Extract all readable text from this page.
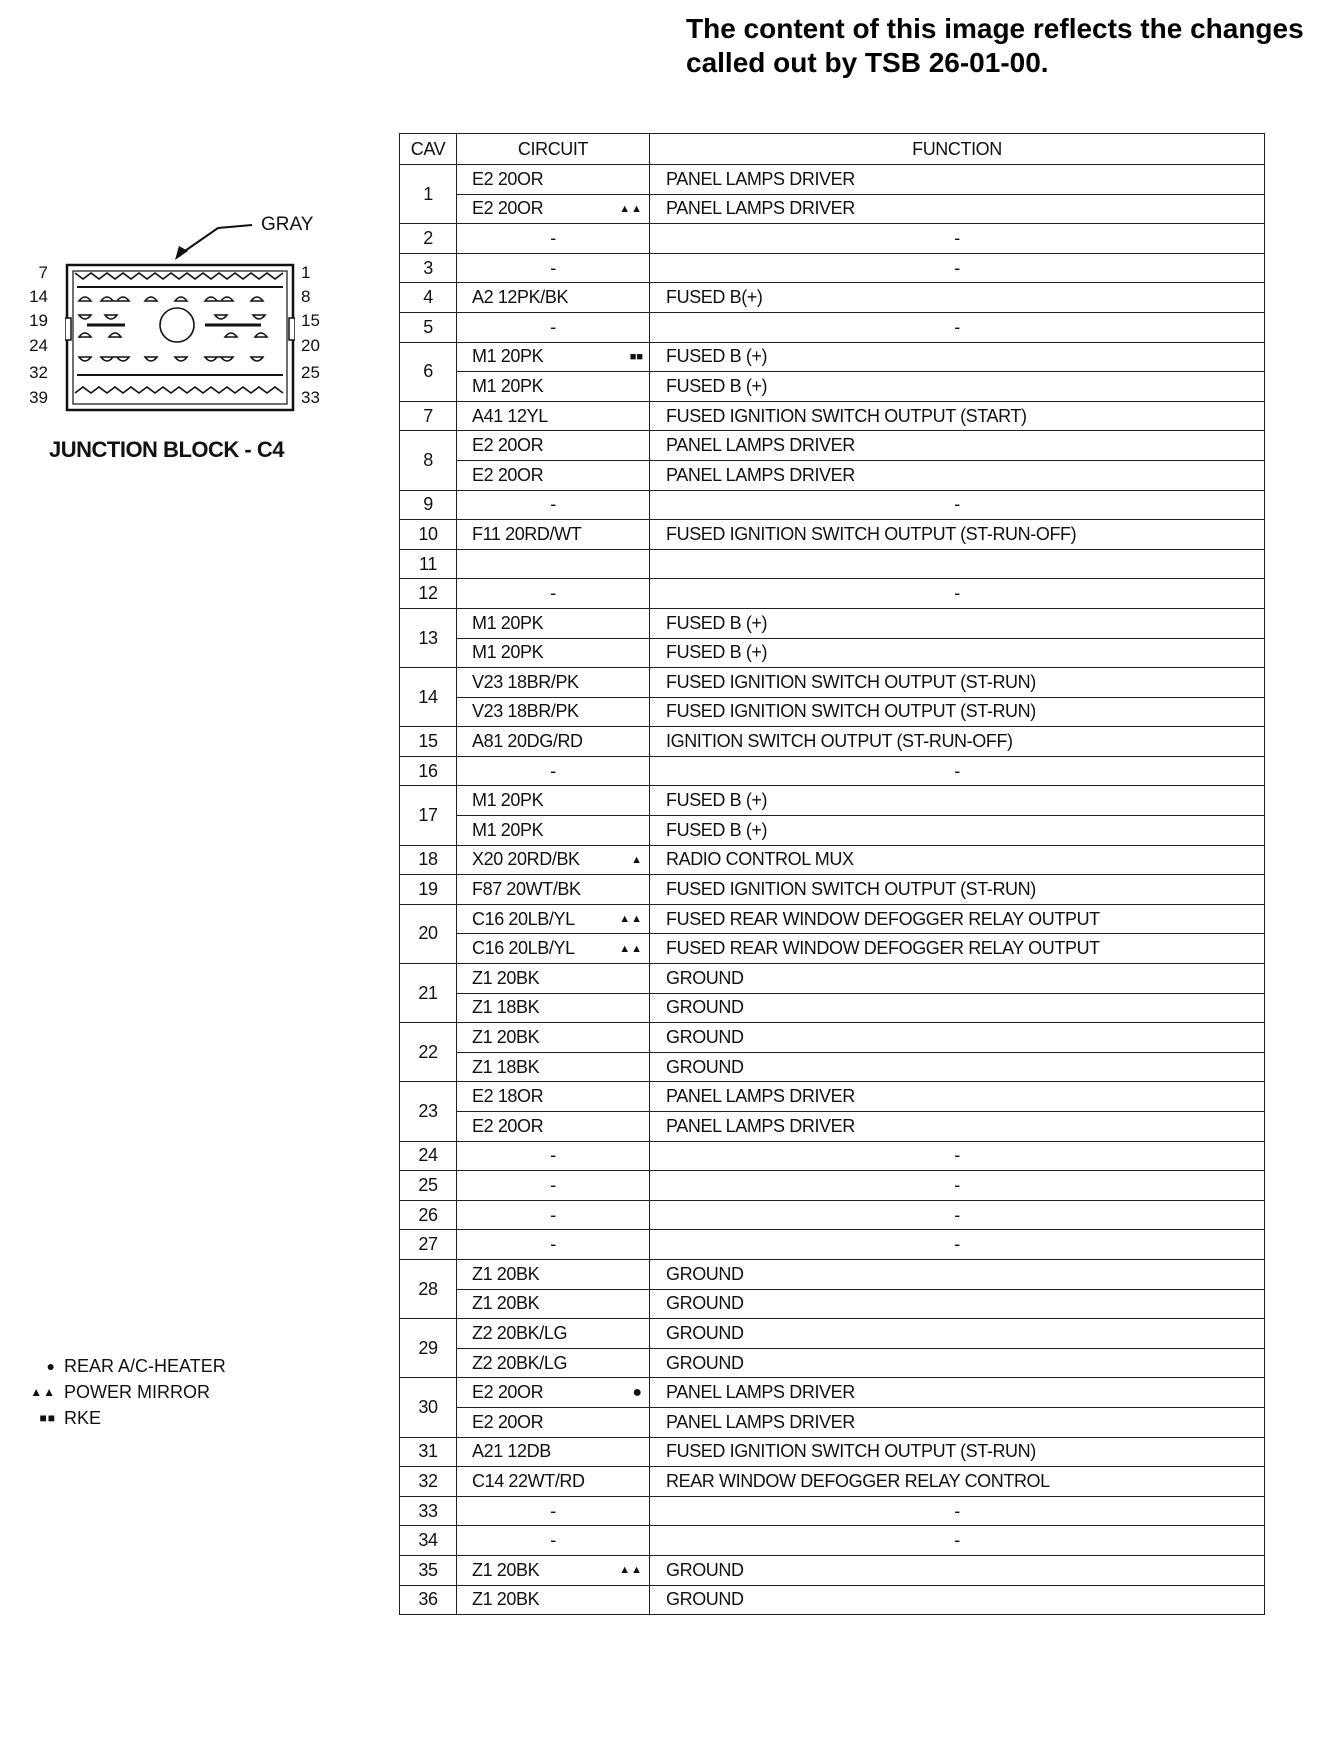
The content of this image reflects the changes
called out by TSB 26-01-00.
GRAY
7
14
19
24
32
39
1
8
15
20
25
33
JUNCTION BLOCK - C4
● REAR A/C-HEATER
▲▲ POWER MIRROR
■■ RKE
CAV	CIRCUIT	FUNCTION
1	E2 20OR	PANEL LAMPS DRIVER
	E2 20OR ▲▲	PANEL LAMPS DRIVER
2	-	-
3	-	-
4	A2 12PK/BK	FUSED B(+)
5	-	-
6	M1 20PK ■■	FUSED B (+)
	M1 20PK	FUSED B (+)
7	A41 12YL	FUSED IGNITION SWITCH OUTPUT (START)
8	E2 20OR	PANEL LAMPS DRIVER
	E2 20OR	PANEL LAMPS DRIVER
9	-	-
10	F11 20RD/WT	FUSED IGNITION SWITCH OUTPUT (ST-RUN-OFF)
11		
12	-	-
13	M1 20PK	FUSED B (+)
	M1 20PK	FUSED B (+)
14	V23 18BR/PK	FUSED IGNITION SWITCH OUTPUT (ST-RUN)
	V23 18BR/PK	FUSED IGNITION SWITCH OUTPUT (ST-RUN)
15	A81 20DG/RD	IGNITION SWITCH OUTPUT (ST-RUN-OFF)
16	-	-
17	M1 20PK	FUSED B (+)
	M1 20PK	FUSED B (+)
18	X20 20RD/BK ▲	RADIO CONTROL MUX
19	F87 20WT/BK	FUSED IGNITION SWITCH OUTPUT (ST-RUN)
20	C16 20LB/YL ▲▲	FUSED REAR WINDOW DEFOGGER RELAY OUTPUT
	C16 20LB/YL ▲▲	FUSED REAR WINDOW DEFOGGER RELAY OUTPUT
21	Z1 20BK	GROUND
	Z1 18BK	GROUND
22	Z1 20BK	GROUND
	Z1 18BK	GROUND
23	E2 18OR	PANEL LAMPS DRIVER
	E2 20OR	PANEL LAMPS DRIVER
24	-	-
25	-	-
26	-	-
27	-	-
28	Z1 20BK	GROUND
	Z1 20BK	GROUND
29	Z2 20BK/LG	GROUND
	Z2 20BK/LG	GROUND
30	E2 20OR ●	PANEL LAMPS DRIVER
	E2 20OR	PANEL LAMPS DRIVER
31	A21 12DB	FUSED IGNITION SWITCH OUTPUT (ST-RUN)
32	C14 22WT/RD	REAR WINDOW DEFOGGER RELAY CONTROL
33	-	-
34	-	-
35	Z1 20BK ▲▲	GROUND
36	Z1 20BK	GROUND
